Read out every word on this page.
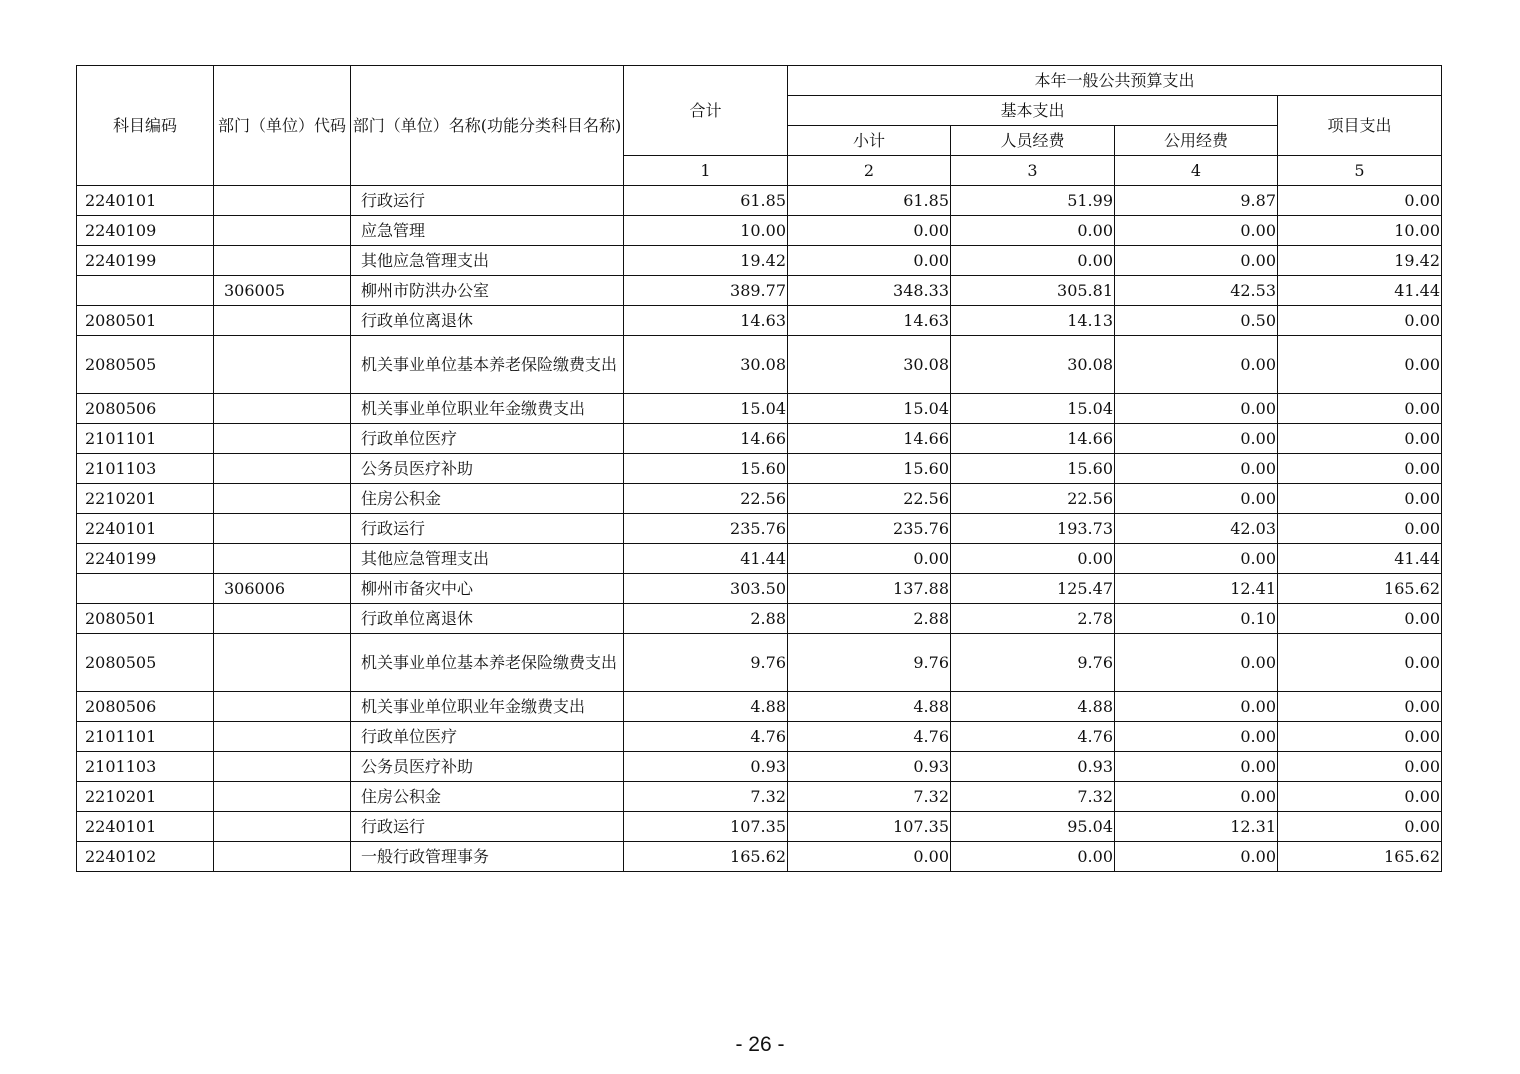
科目编码	部门（单位）代码	部门（单位）名称(功能分类科目名称)	合计	本年一般公共预算支出			
				基本支出			项目支出
				小计	人员经费	公用经费	
			1	2	3	4	5
2240101		行政运行	61.85	61.85	51.99	9.87	0.00
2240109		应急管理	10.00	0.00	0.00	0.00	10.00
2240199		其他应急管理支出	19.42	0.00	0.00	0.00	19.42
	306005	柳州市防洪办公室	389.77	348.33	305.81	42.53	41.44
2080501		行政单位离退休	14.63	14.63	14.13	0.50	0.00
2080505		机关事业单位基本养老保险缴费支出	30.08	30.08	30.08	0.00	0.00
2080506		机关事业单位职业年金缴费支出	15.04	15.04	15.04	0.00	0.00
2101101		行政单位医疗	14.66	14.66	14.66	0.00	0.00
2101103		公务员医疗补助	15.60	15.60	15.60	0.00	0.00
2210201		住房公积金	22.56	22.56	22.56	0.00	0.00
2240101		行政运行	235.76	235.76	193.73	42.03	0.00
2240199		其他应急管理支出	41.44	0.00	0.00	0.00	41.44
	306006	柳州市备灾中心	303.50	137.88	125.47	12.41	165.62
2080501		行政单位离退休	2.88	2.88	2.78	0.10	0.00
2080505		机关事业单位基本养老保险缴费支出	9.76	9.76	9.76	0.00	0.00
2080506		机关事业单位职业年金缴费支出	4.88	4.88	4.88	0.00	0.00
2101101		行政单位医疗	4.76	4.76	4.76	0.00	0.00
2101103		公务员医疗补助	0.93	0.93	0.93	0.00	0.00
2210201		住房公积金	7.32	7.32	7.32	0.00	0.00
2240101		行政运行	107.35	107.35	95.04	12.31	0.00
2240102		一般行政管理事务	165.62	0.00	0.00	0.00	165.62
- 26 -
